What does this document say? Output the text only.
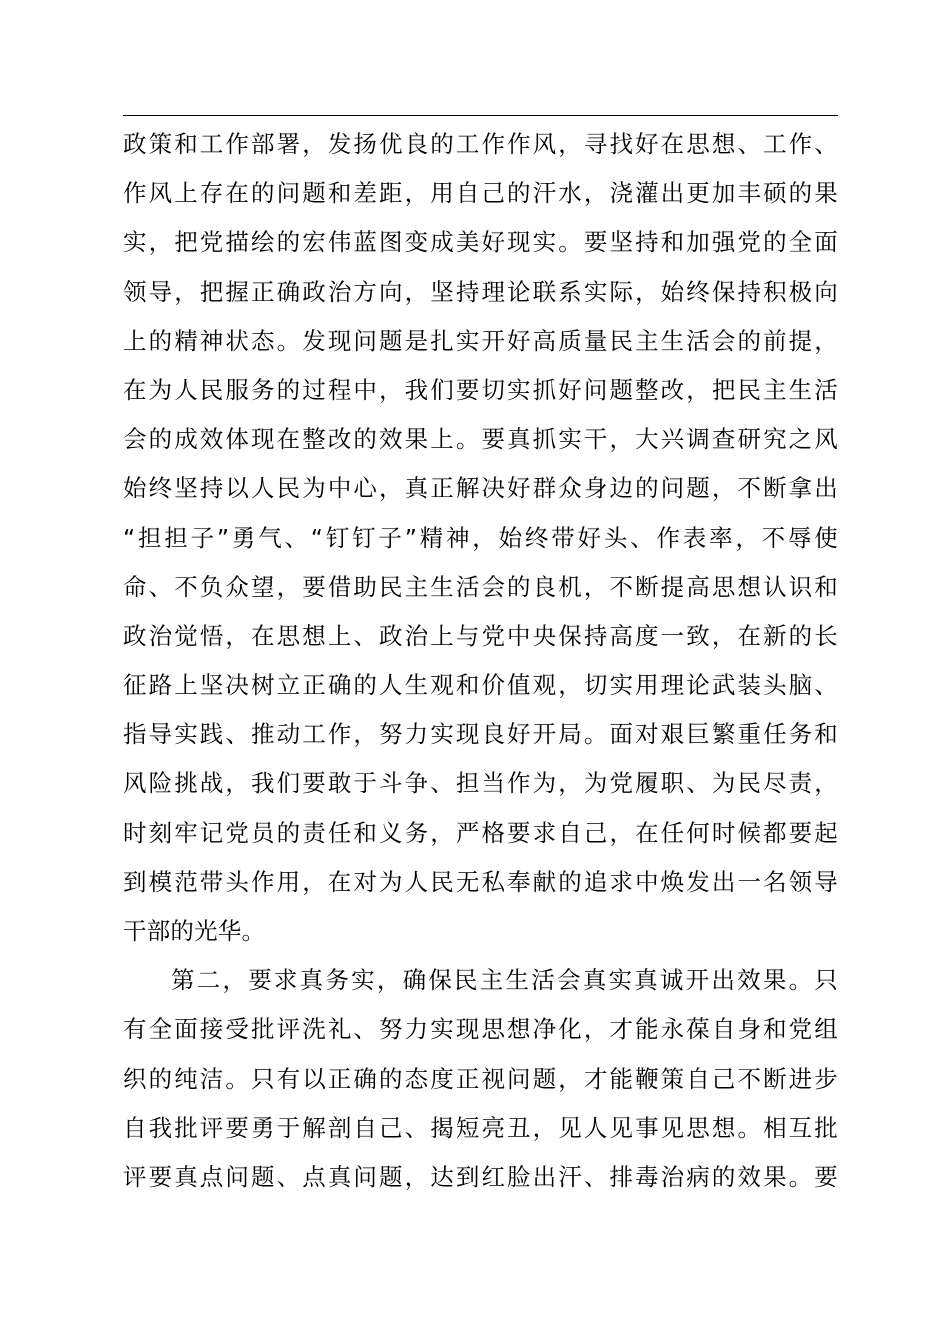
政策和工作部署，发扬优良的工作作风，寻找好在思想、工作、
作风上存在的问题和差距，用自己的汗水，浇灌出更加丰硕的果
实，把党描绘的宏伟蓝图变成美好现实。要坚持和加强党的全面
领导，把握正确政治方向，坚持理论联系实际，始终保持积极向
上的精神状态。发现问题是扎实开好高质量民主生活会的前提，
在为人民服务的过程中，我们要切实抓好问题整改，把民主生活
会的成效体现在整改的效果上。要真抓实干，大兴调查研究之风
始终坚持以人民为中心，真正解决好群众身边的问题，不断拿出
“担担子”勇气、“钉钉子”精神，始终带好头、作表率，不辱使
命、不负众望，要借助民主生活会的良机，不断提高思想认识和
政治觉悟，在思想上、政治上与党中央保持高度一致，在新的长
征路上坚决树立正确的人生观和价值观，切实用理论武装头脑、
指导实践、推动工作，努力实现良好开局。面对艰巨繁重任务和
风险挑战，我们要敢于斗争、担当作为，为党履职、为民尽责，
时刻牢记党员的责任和义务，严格要求自己，在任何时候都要起
到模范带头作用，在对为人民无私奉献的追求中焕发出一名领导
干部的光华。
第二，要求真务实，确保民主生活会真实真诚开出效果。只
有全面接受批评洗礼、努力实现思想净化，才能永葆自身和党组
织的纯洁。只有以正确的态度正视问题，才能鞭策自己不断进步
自我批评要勇于解剖自己、揭短亮丑，见人见事见思想。相互批
评要真点问题、点真问题，达到红脸出汗、排毒治病的效果。要
